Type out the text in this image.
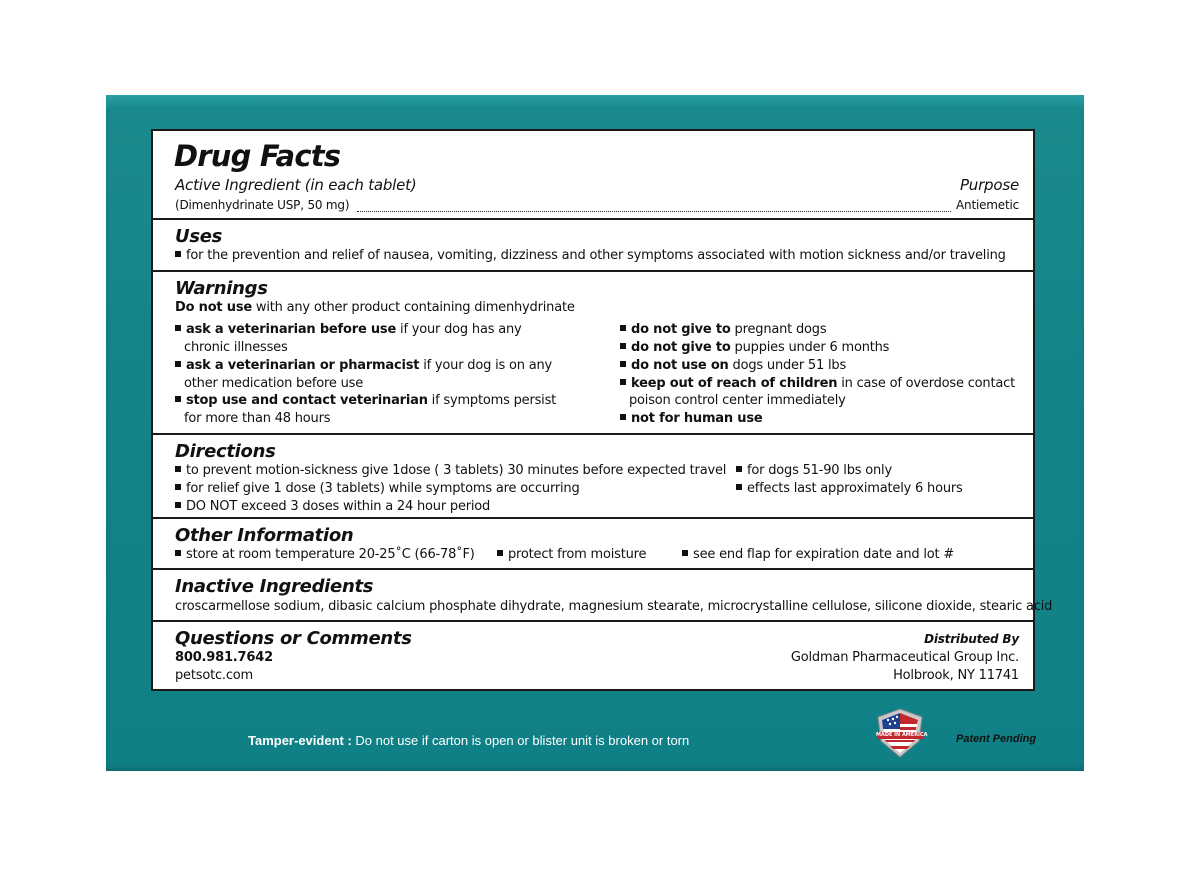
Drug Facts
Active Ingredient (in each tablet)	Purpose
(Dimenhydrinate USP, 50 mg)	Antiemetic
Uses
for the prevention and relief of nausea, vomiting, dizziness and other symptoms associated with motion sickness and/or traveling
Warnings
Do not use with any other product containing dimenhydrinate
ask a veterinarian before use if your dog has any
chronic illnesses
ask a veterinarian or pharmacist if your dog is on any
other medication before use
stop use and contact veterinarian if symptoms persist
for more than 48 hours
do not give to pregnant dogs
do not give to puppies under 6 months
do not use on dogs under 51 lbs
keep out of reach of children in case of overdose contact
poison control center immediately
not for human use
Directions
to prevent motion-sickness give 1dose ( 3 tablets) 30 minutes before expected travel
for relief give 1 dose (3 tablets) while symptoms are occurring
DO NOT exceed 3 doses within a 24 hour period
for dogs 51-90 lbs only
effects last approximately 6 hours
Other Information
store at room temperature 20-25˚C (66-78˚F)	protect from moisture	see end flap for expiration date and lot #
Inactive Ingredients
croscarmellose sodium, dibasic calcium phosphate dihydrate, magnesium stearate, microcrystalline cellulose, silicone dioxide, stearic acid
Questions or Comments
800.981.7642
petsotc.com
Distributed By
Goldman Pharmaceutical Group Inc.
Holbrook, NY 11741
Tamper-evident : Do not use if carton is open or blister unit is broken or torn	MADE IN AMERICA	Patent Pending
